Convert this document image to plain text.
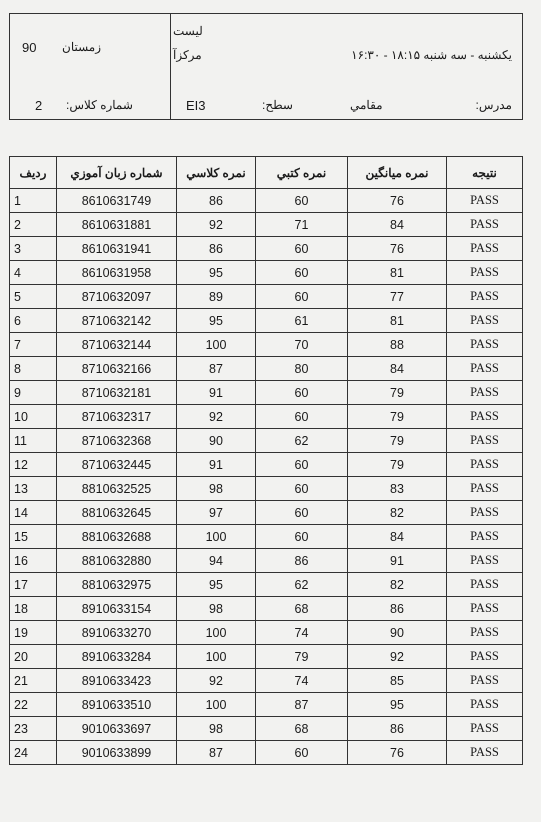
90 زمستان
لیست
مرکزآ	یکشنبه - سه شنبه ۱۸:۱۵ - ۱۶:۳۰
2 شماره کلاس:	EI3	سطح:	مقامي	مدرس:
ردیف	شماره زبان آموزي	نمره کلاسي	نمره کتبي	نمره میانگین	نتیجه
1	8610631749	86	60	76	PASS
2	8610631881	92	71	84	PASS
3	8610631941	86	60	76	PASS
4	8610631958	95	60	81	PASS
5	8710632097	89	60	77	PASS
6	8710632142	95	61	81	PASS
7	8710632144	100	70	88	PASS
8	8710632166	87	80	84	PASS
9	8710632181	91	60	79	PASS
10	8710632317	92	60	79	PASS
11	8710632368	90	62	79	PASS
12	8710632445	91	60	79	PASS
13	8810632525	98	60	83	PASS
14	8810632645	97	60	82	PASS
15	8810632688	100	60	84	PASS
16	8810632880	94	86	91	PASS
17	8810632975	95	62	82	PASS
18	8910633154	98	68	86	PASS
19	8910633270	100	74	90	PASS
20	8910633284	100	79	92	PASS
21	8910633423	92	74	85	PASS
22	8910633510	100	87	95	PASS
23	9010633697	98	68	86	PASS
24	9010633899	87	60	76	PASS
